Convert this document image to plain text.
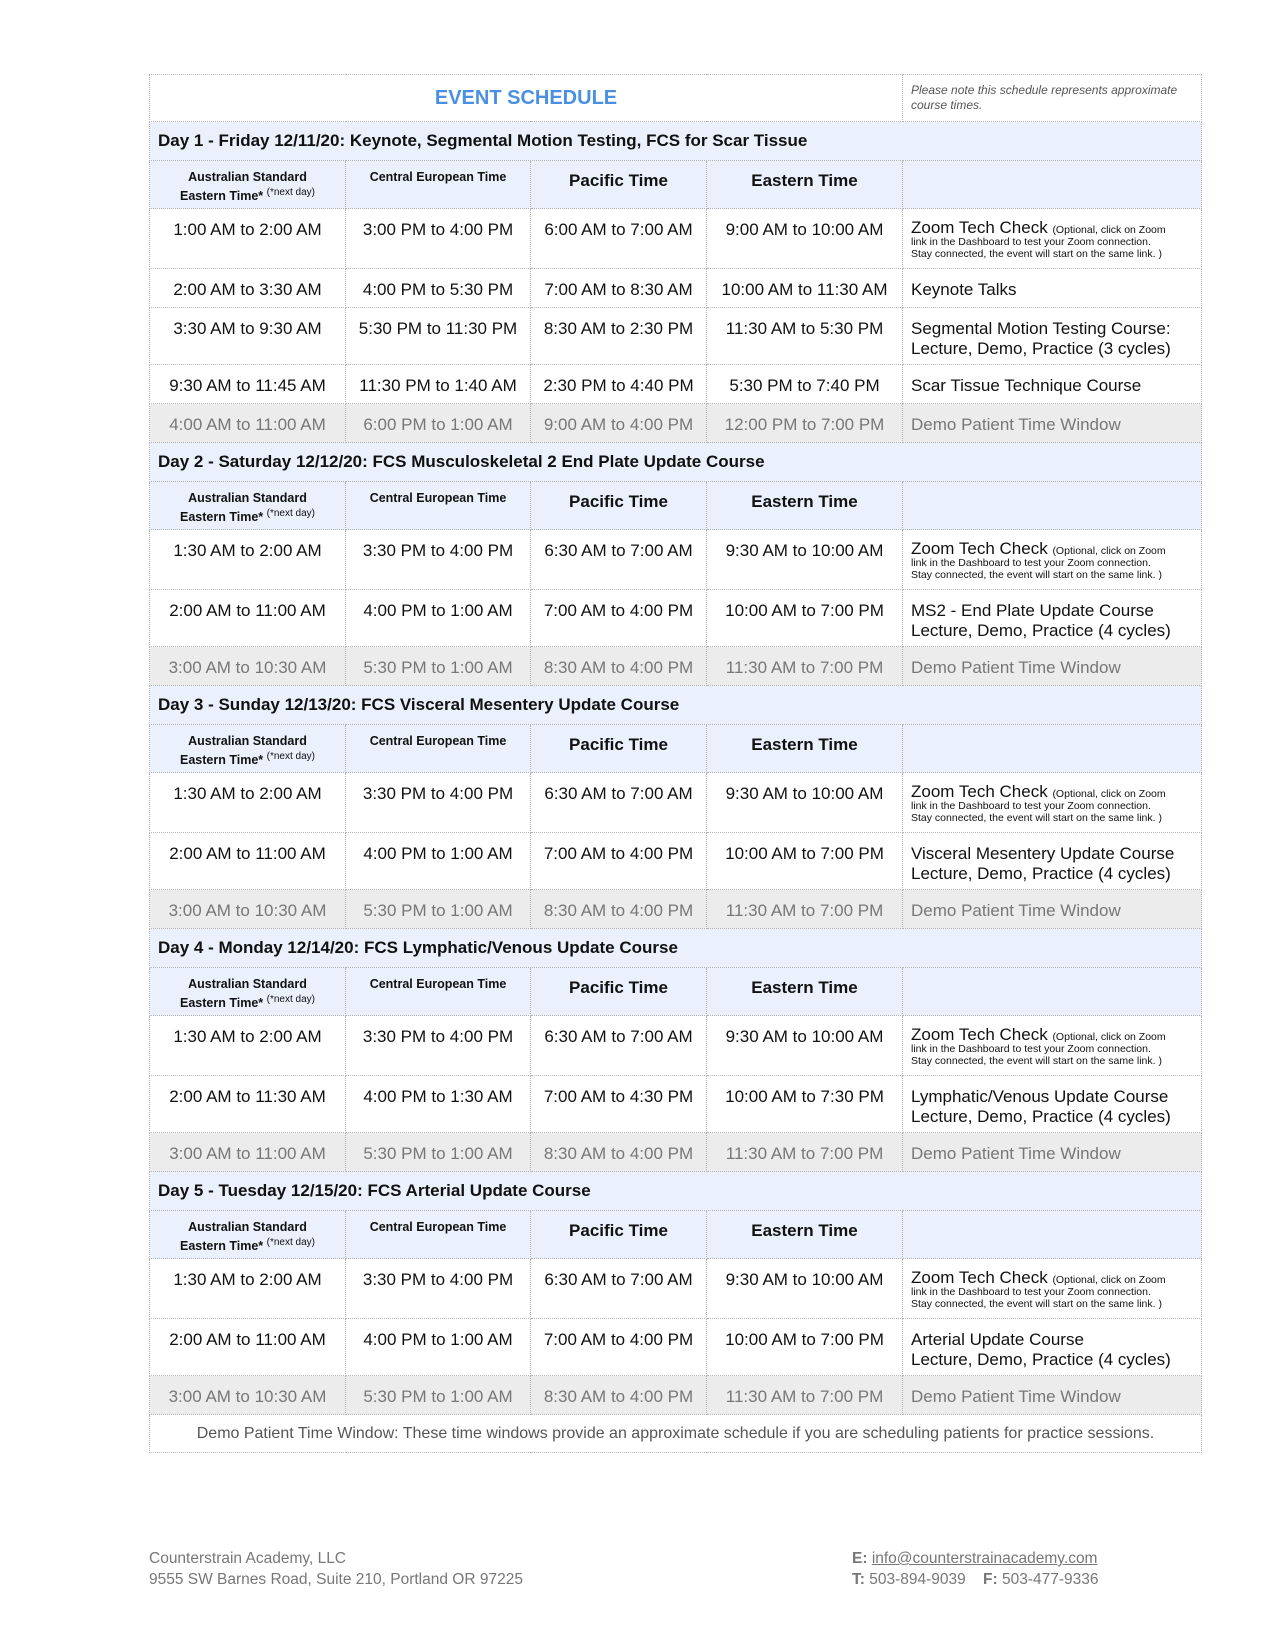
EVENT SCHEDULE				Please note this schedule represents approximate course times.
Day 1 - Friday 12/11/20: Keynote, Segmental Motion Testing, FCS for Scar Tissue				

Australian Standard
Eastern Time* $^{(*next day)}$	Central European Time	Pacific Time	Eastern Time	

1:00 AM to 2:00 AM	3:00 PM to 4:00 PM	6:00 AM to 7:00 AM	9:00 AM to 10:00 AM	Zoom Tech Check (Optional, click on Zoom
link in the Dashboard to test your Zoom connection.
Stay connected, the event will start on the same link. )

2:00 AM to 3:30 AM	4:00 PM to 5:30 PM	7:00 AM to 8:30 AM	10:00 AM to 11:30 AM	Keynote Talks

3:30 AM to 9:30 AM	5:30 PM to 11:30 PM	8:30 AM to 2:30 PM	11:30 AM to 5:30 PM	Segmental Motion Testing Course:
Lecture, Demo, Practice (3 cycles)

9:30 AM to 11:45 AM	11:30 PM to 1:40 AM	2:30 PM to 4:40 PM	5:30 PM to 7:40 PM	Scar Tissue Technique Course

4:00 AM to 11:00 AM	6:00 PM to 1:00 AM	9:00 AM to 4:00 PM	12:00 PM to 7:00 PM	Demo Patient Time Window
Day 2 - Saturday 12/12/20: FCS Musculoskeletal 2 End Plate Update Course				

Australian Standard
Eastern Time* $^{(*next day)}$	Central European Time	Pacific Time	Eastern Time	

1:30 AM to 2:00 AM	3:30 PM to 4:00 PM	6:30 AM to 7:00 AM	9:30 AM to 10:00 AM	Zoom Tech Check (Optional, click on Zoom
link in the Dashboard to test your Zoom connection.
Stay connected, the event will start on the same link. )

2:00 AM to 11:00 AM	4:00 PM to 1:00 AM	7:00 AM to 4:00 PM	10:00 AM to 7:00 PM	MS2 - End Plate Update Course
Lecture, Demo, Practice (4 cycles)

3:00 AM to 10:30 AM	5:30 PM to 1:00 AM	8:30 AM to 4:00 PM	11:30 AM to 7:00 PM	Demo Patient Time Window
Day 3 - Sunday 12/13/20: FCS Visceral Mesentery Update Course				

Australian Standard
Eastern Time* $^{(*next day)}$	Central European Time	Pacific Time	Eastern Time	

1:30 AM to 2:00 AM	3:30 PM to 4:00 PM	6:30 AM to 7:00 AM	9:30 AM to 10:00 AM	Zoom Tech Check (Optional, click on Zoom
link in the Dashboard to test your Zoom connection.
Stay connected, the event will start on the same link. )

2:00 AM to 11:00 AM	4:00 PM to 1:00 AM	7:00 AM to 4:00 PM	10:00 AM to 7:00 PM	Visceral Mesentery Update Course
Lecture, Demo, Practice (4 cycles)

3:00 AM to 10:30 AM	5:30 PM to 1:00 AM	8:30 AM to 4:00 PM	11:30 AM to 7:00 PM	Demo Patient Time Window
Day 4 - Monday 12/14/20: FCS Lymphatic/Venous Update Course				

Australian Standard
Eastern Time* $^{(*next day)}$	Central European Time	Pacific Time	Eastern Time	

1:30 AM to 2:00 AM	3:30 PM to 4:00 PM	6:30 AM to 7:00 AM	9:30 AM to 10:00 AM	Zoom Tech Check (Optional, click on Zoom
link in the Dashboard to test your Zoom connection.
Stay connected, the event will start on the same link. )

2:00 AM to 11:30 AM	4:00 PM to 1:30 AM	7:00 AM to 4:30 PM	10:00 AM to 7:30 PM	Lymphatic/Venous Update Course
Lecture, Demo, Practice (4 cycles)

3:00 AM to 11:00 AM	5:30 PM to 1:00 AM	8:30 AM to 4:00 PM	11:30 AM to 7:00 PM	Demo Patient Time Window
Day 5 - Tuesday 12/15/20: FCS Arterial Update Course				

Australian Standard
Eastern Time* $^{(*next day)}$	Central European Time	Pacific Time	Eastern Time	

1:30 AM to 2:00 AM	3:30 PM to 4:00 PM	6:30 AM to 7:00 AM	9:30 AM to 10:00 AM	Zoom Tech Check (Optional, click on Zoom
link in the Dashboard to test your Zoom connection.
Stay connected, the event will start on the same link. )

2:00 AM to 11:00 AM	4:00 PM to 1:00 AM	7:00 AM to 4:00 PM	10:00 AM to 7:00 PM	Arterial Update Course
Lecture, Demo, Practice (4 cycles)

3:00 AM to 10:30 AM	5:30 PM to 1:00 AM	8:30 AM to 4:00 PM	11:30 AM to 7:00 PM	Demo Patient Time Window
Demo Patient Time Window: These time windows provide an approximate schedule if you are scheduling patients for practice sessions.				
Counterstrain Academy, LLC
9555 SW Barnes Road, Suite 210, Portland OR 97225
E: info@counterstrainacademy.com
T: 503-894-9039 F: 503-477-9336
